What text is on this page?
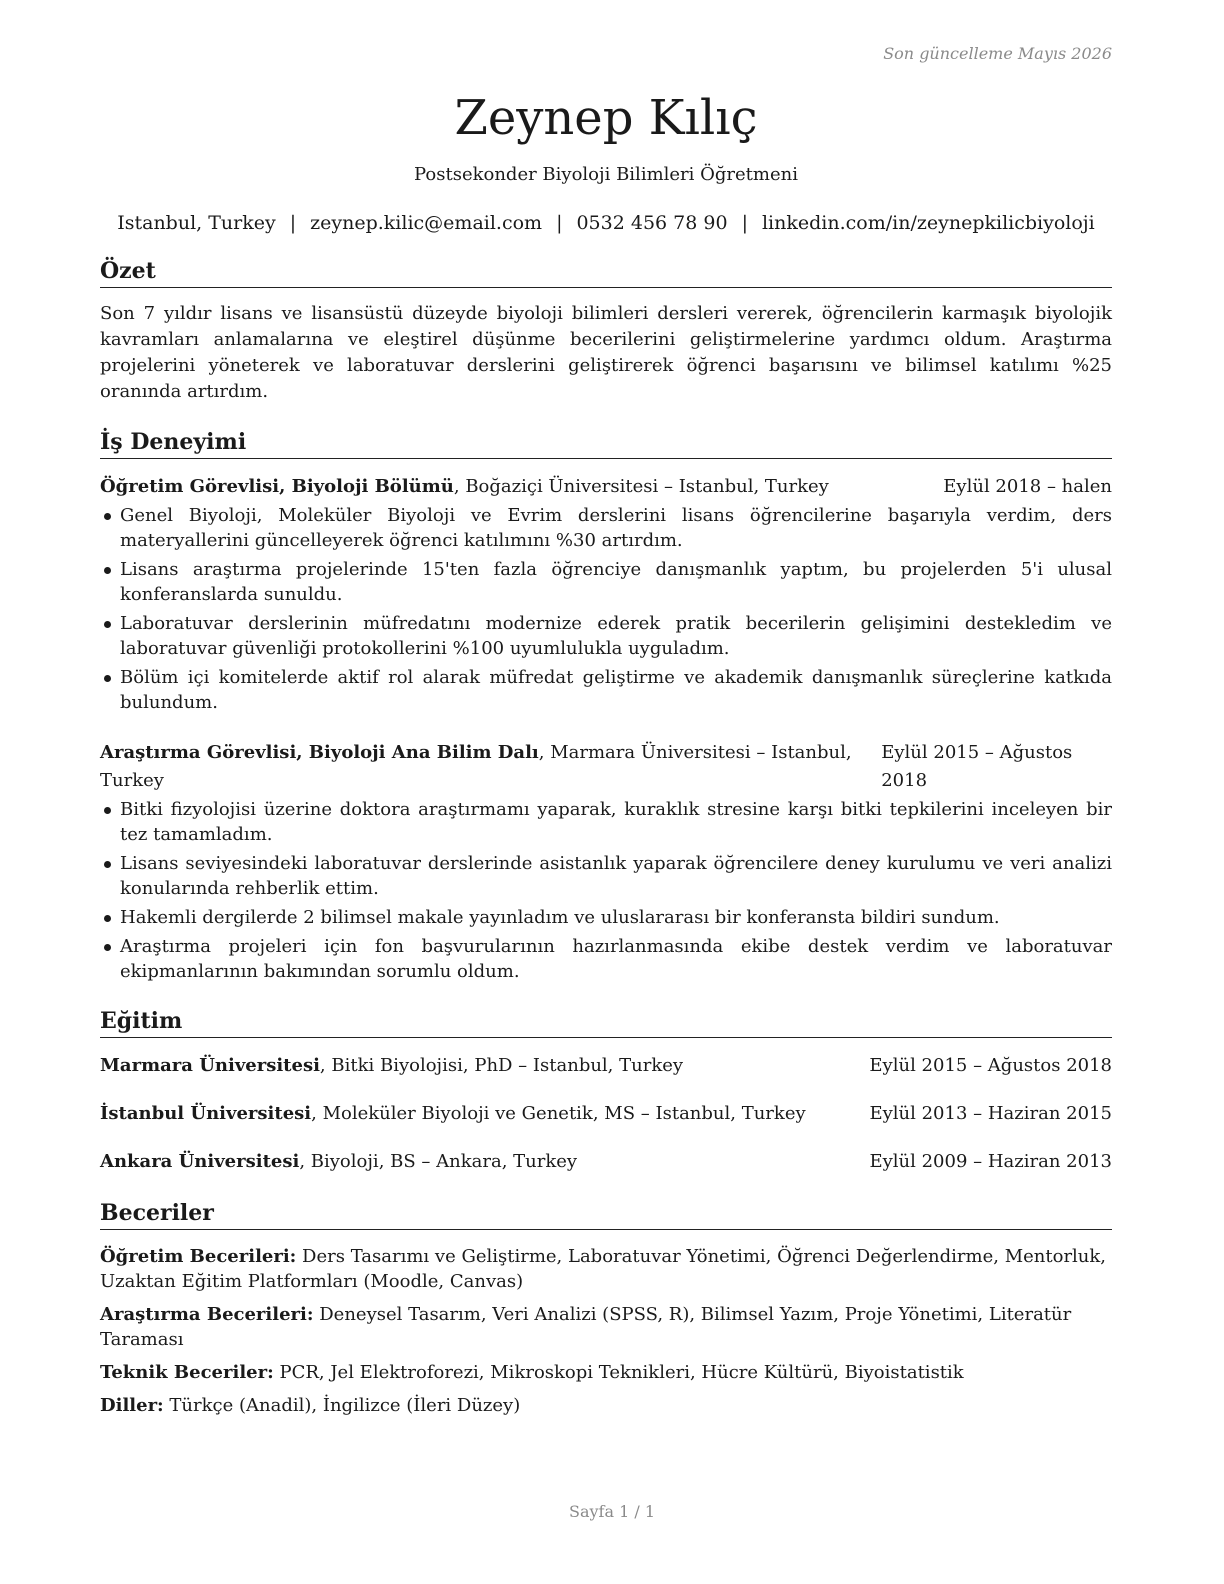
Son güncelleme Mayıs 2026
Zeynep Kılıç
Postsekonder Biyoloji Bilimleri Öğretmeni
Istanbul, Turkey | zeynep.kilic@email.com | 0532 456 78 90 | linkedin.com/in/zeynepkilicbiyoloji
Özet
Son 7 yıldır lisans ve lisansüstü düzeyde biyoloji bilimleri dersleri vererek, öğrencilerin karmaşık biyolojik kavramları anlamalarına ve eleştirel düşünme becerilerini geliştirmelerine yardımcı oldum. Araştırma projelerini yöneterek ve laboratuvar derslerini geliştirerek öğrenci başarısını ve bilimsel katılımı %25 oranında artırdım.
İş Deneyimi
Öğretim Görevlisi, Biyoloji Bölümü, Boğaziçi Üniversitesi – Istanbul, Turkey	Eylül 2018 – halen
Genel Biyoloji, Moleküler Biyoloji ve Evrim derslerini lisans öğrencilerine başarıyla verdim, ders materyallerini güncelleyerek öğrenci katılımını %30 artırdım.
Lisans araştırma projelerinde 15'ten fazla öğrenciye danışmanlık yaptım, bu projelerden 5'i ulusal konferanslarda sunuldu.
Laboratuvar derslerinin müfredatını modernize ederek pratik becerilerin gelişimini destekledim ve laboratuvar güvenliği protokollerini %100 uyumlulukla uyguladım.
Bölüm içi komitelerde aktif rol alarak müfredat geliştirme ve akademik danışmanlık süreçlerine katkıda bulundum.
Araştırma Görevlisi, Biyoloji Ana Bilim Dalı, Marmara Üniversitesi – Istanbul, Turkey
Eylül 2015 – Ağustos 2018
Bitki fizyolojisi üzerine doktora araştırmamı yaparak, kuraklık stresine karşı bitki tepkilerini inceleyen bir tez tamamladım.
Lisans seviyesindeki laboratuvar derslerinde asistanlık yaparak öğrencilere deney kurulumu ve veri analizi konularında rehberlik ettim.
Hakemli dergilerde 2 bilimsel makale yayınladım ve uluslararası bir konferansta bildiri sundum.
Araştırma projeleri için fon başvurularının hazırlanmasında ekibe destek verdim ve laboratuvar ekipmanlarının bakımından sorumlu oldum.
Eğitim
Marmara Üniversitesi, Bitki Biyolojisi, PhD – Istanbul, Turkey	Eylül 2015 – Ağustos 2018
İstanbul Üniversitesi, Moleküler Biyoloji ve Genetik, MS – Istanbul, Turkey	Eylül 2013 – Haziran 2015
Ankara Üniversitesi, Biyoloji, BS – Ankara, Turkey	Eylül 2009 – Haziran 2013
Beceriler
Öğretim Becerileri: Ders Tasarımı ve Geliştirme, Laboratuvar Yönetimi, Öğrenci Değerlendirme, Mentorluk, Uzaktan Eğitim Platformları (Moodle, Canvas)
Araştırma Becerileri: Deneysel Tasarım, Veri Analizi (SPSS, R), Bilimsel Yazım, Proje Yönetimi, Literatür Taraması
Teknik Beceriler: PCR, Jel Elektroforezi, Mikroskopi Teknikleri, Hücre Kültürü, Biyoistatistik
Diller: Türkçe (Anadil), İngilizce (İleri Düzey)
Sayfa 1 / 1
